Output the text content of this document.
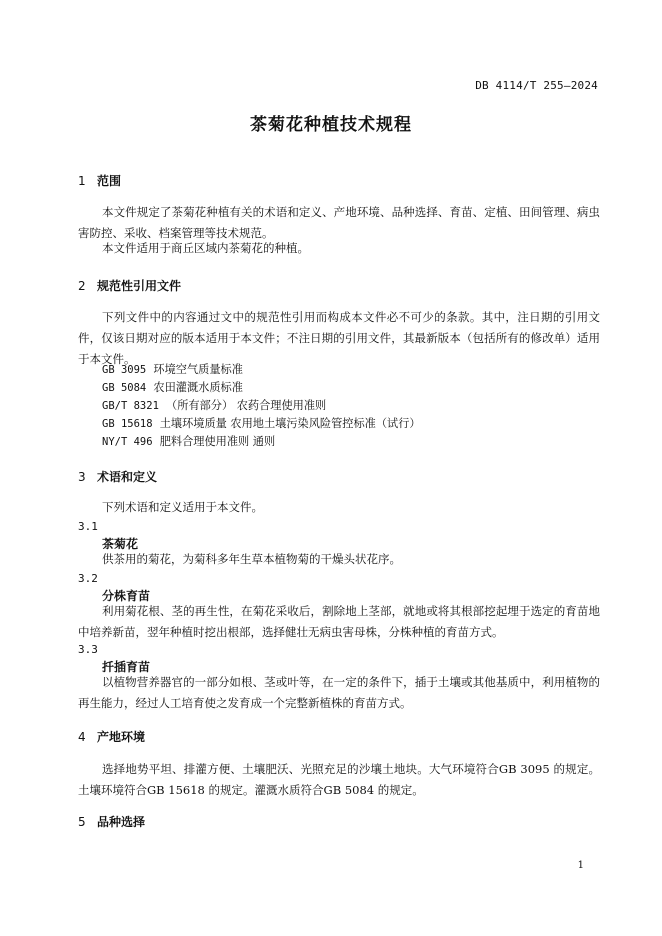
DB 4114/T 255—2024
茶菊花种植技术规程
1 范围
本文件规定了茶菊花种植有关的术语和定义、产地环境、品种选择、育苗、定植、田间管理、病虫害防控、采收、档案管理等技术规范。
本文件适用于商丘区域内茶菊花的种植。
2 规范性引用文件
下列文件中的内容通过文中的规范性引用而构成本文件必不可少的条款。其中，注日期的引用文件，仅该日期对应的版本适用于本文件；不注日期的引用文件，其最新版本（包括所有的修改单）适用于本文件。
GB 3095 环境空气质量标准
GB 5084 农田灌溉水质标准
GB/T 8321 （所有部分） 农药合理使用准则
GB 15618 土壤环境质量 农用地土壤污染风险管控标准（试行）
NY/T 496 肥料合理使用准则 通则
3 术语和定义
下列术语和定义适用于本文件。
3.1
茶菊花
供茶用的菊花，为菊科多年生草本植物菊的干燥头状花序。
3.2
分株育苗
利用菊花根、茎的再生性，在菊花采收后，割除地上茎部，就地或将其根部挖起埋于选定的育苗地中培养新苗，翌年种植时挖出根部，选择健壮无病虫害母株，分株种植的育苗方式。
3.3
扦插育苗
以植物营养器官的一部分如根、茎或叶等，在一定的条件下，插于土壤或其他基质中，利用植物的再生能力，经过人工培育使之发育成一个完整新植株的育苗方式。
4 产地环境
选择地势平坦、排灌方便、土壤肥沃、光照充足的沙壤土地块。大气环境符合GB 3095 的规定。土壤环境符合GB 15618 的规定。灌溉水质符合GB 5084 的规定。
5 品种选择
1
